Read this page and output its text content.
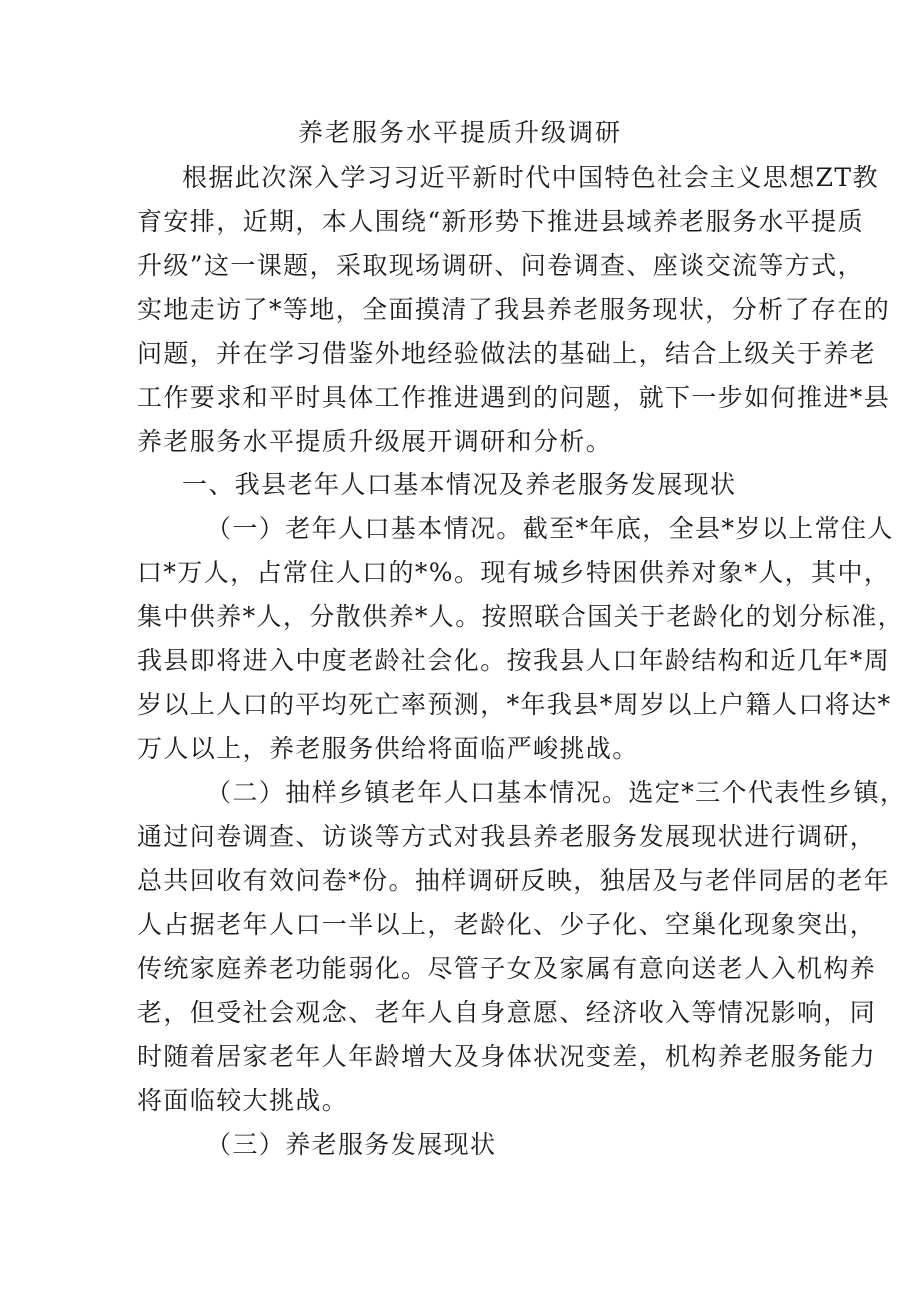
养老服务水平提质升级调研
根据此次深入学习习近平新时代中国特色社会主义思想ZT教
育安排，近期，本人围绕“新形势下推进县域养老服务水平提质
升级”这一课题，采取现场调研、问卷调查、座谈交流等方式，
实地走访了*等地，全面摸清了我县养老服务现状，分析了存在的
问题，并在学习借鉴外地经验做法的基础上，结合上级关于养老
工作要求和平时具体工作推进遇到的问题，就下一步如何推进*县
养老服务水平提质升级展开调研和分析。
一、我县老年人口基本情况及养老服务发展现状
（一）老年人口基本情况。截至*年底，全县*岁以上常住人
口*万人，占常住人口的*%。现有城乡特困供养对象*人，其中，
集中供养*人，分散供养*人。按照联合国关于老龄化的划分标准，
我县即将进入中度老龄社会化。按我县人口年龄结构和近几年*周
岁以上人口的平均死亡率预测，*年我县*周岁以上户籍人口将达*
万人以上，养老服务供给将面临严峻挑战。
（二）抽样乡镇老年人口基本情况。选定*三个代表性乡镇，
通过问卷调查、访谈等方式对我县养老服务发展现状进行调研，
总共回收有效问卷*份。抽样调研反映，独居及与老伴同居的老年
人占据老年人口一半以上，老龄化、少子化、空巢化现象突出，
传统家庭养老功能弱化。尽管子女及家属有意向送老人入机构养
老，但受社会观念、老年人自身意愿、经济收入等情况影响，同
时随着居家老年人年龄增大及身体状况变差，机构养老服务能力
将面临较大挑战。
（三）养老服务发展现状
